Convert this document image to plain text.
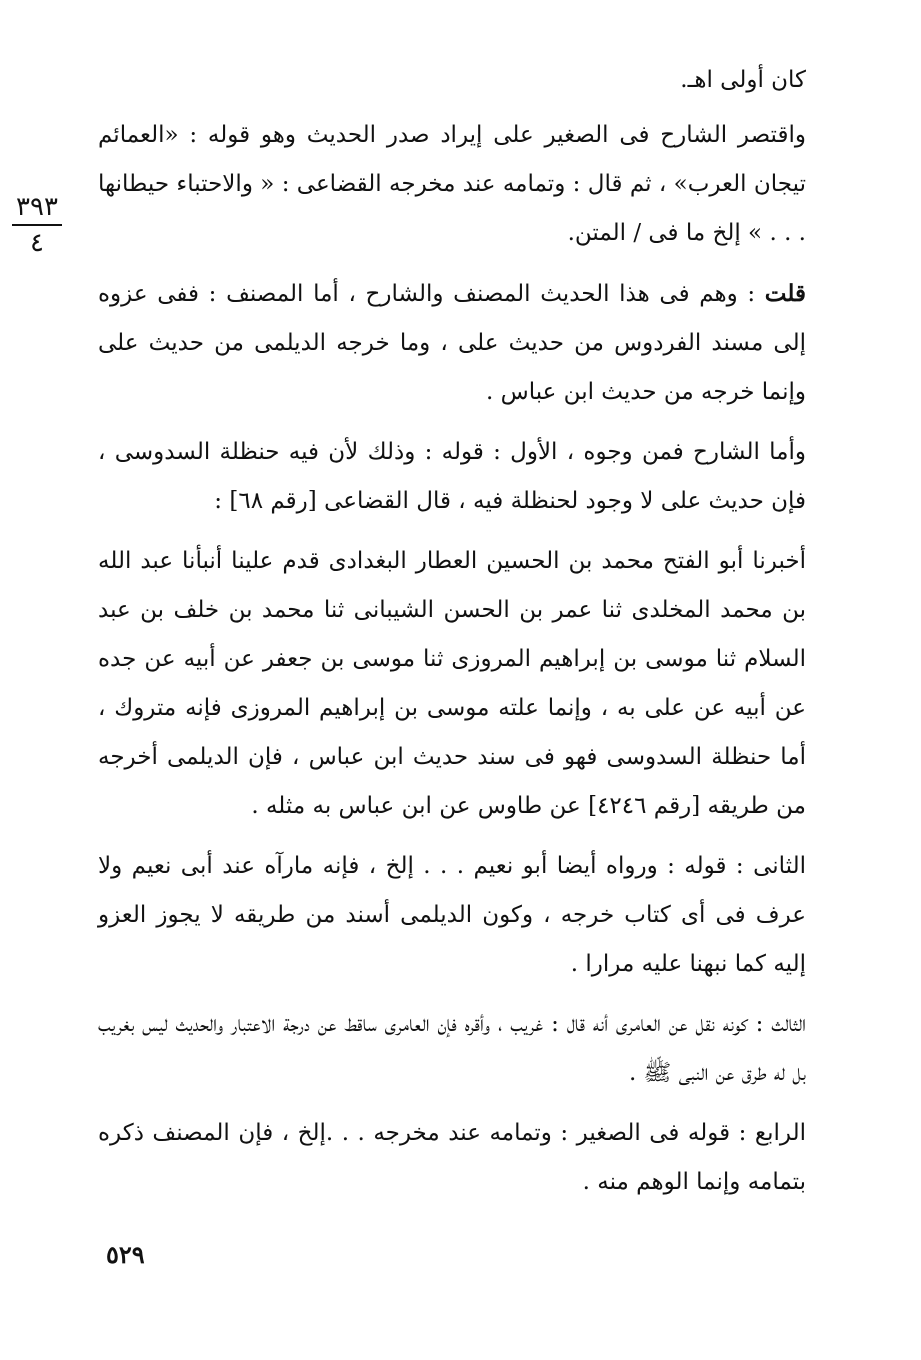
٣٩٣
٤

كان أولى اهـ.

واقتصر الشارح فى الصغير على إيراد صدر الحديث وهو قوله : «العمائم تيجان العرب» ، ثم قال : وتمامه عند مخرجه القضاعى : « والاحتباء حيطانها . . . » إلخ ما فى / المتن.

قلت : وهم فى هذا الحديث المصنف والشارح ، أما المصنف : ففى عزوه إلى مسند الفردوس من حديث على ، وما خرجه الديلمى من حديث على وإنما خرجه من حديث ابن عباس .

وأما الشارح فمن وجوه ، الأول : قوله : وذلك لأن فيه حنظلة السدوسى ، فإن حديث على لا وجود لحنظلة فيه ، قال القضاعى [رقم ٦٨] :

أخبرنا أبو الفتح محمد بن الحسين العطار البغدادى قدم علينا أنبأنا عبد الله بن محمد المخلدى ثنا عمر بن الحسن الشيبانى ثنا محمد بن خلف بن عبد السلام ثنا موسى بن إبراهيم المروزى ثنا موسى بن جعفر عن أبيه عن جده عن أبيه عن على به ، وإنما علته موسى بن إبراهيم المروزى فإنه متروك ، أما حنظلة السدوسى فهو فى سند حديث ابن عباس ، فإن الديلمى أخرجه من طريقه [رقم ٤٢٤٦] عن طاوس عن ابن عباس به مثله .

الثانى : قوله : ورواه أيضا أبو نعيم . . . إلخ ، فإنه مارآه عند أبى نعيم ولا عرف فى أى كتاب خرجه ، وكون الديلمى أسند من طريقه لا يجوز العزو إليه كما نبهنا عليه مرارا .

الثالث : كونه نقل عن العامرى أنه قال : غريب ، وأقره فإن العامرى ساقط عن درجة الاعتبار والحديث ليس بغريب بل له طرق عن النبى ﷺ .

الرابع : قوله فى الصغير : وتمامه عند مخرجه . . .إلخ ، فإن المصنف ذكره بتمامه وإنما الوهم منه .

٥٢٩
